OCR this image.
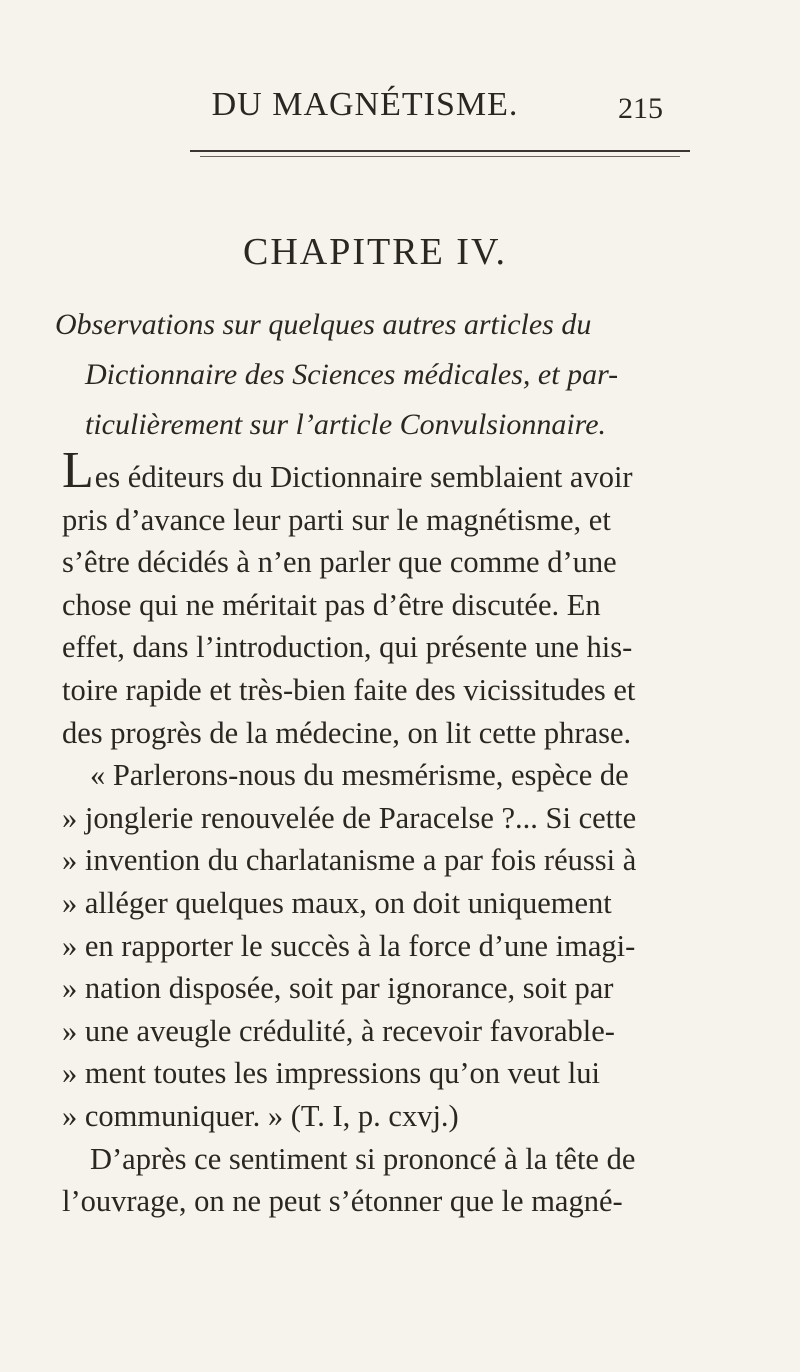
DU MAGNÉTISME.	215
CHAPITRE IV.
Observations sur quelques autres articles du
Dictionnaire des Sciences médicales, et par-
ticulièrement sur l’article Convulsionnaire.
Les éditeurs du Dictionnaire semblaient avoir
pris d’avance leur parti sur le magnétisme, et
s’être décidés à n’en parler que comme d’une
chose qui ne méritait pas d’être discutée. En
effet, dans l’introduction, qui présente une his-
toire rapide et très-bien faite des vicissitudes et
des progrès de la médecine, on lit cette phrase.
« Parlerons-nous du mesmérisme, espèce de
» jonglerie renouvelée de Paracelse ?... Si cette
» invention du charlatanisme a par fois réussi à
» alléger quelques maux, on doit uniquement
» en rapporter le succès à la force d’une imagi-
» nation disposée, soit par ignorance, soit par
» une aveugle crédulité, à recevoir favorable-
» ment toutes les impressions qu’on veut lui
» communiquer. » (T. I, p. cxvj.)
D’après ce sentiment si prononcé à la tête de
l’ouvrage, on ne peut s’étonner que le magné-
